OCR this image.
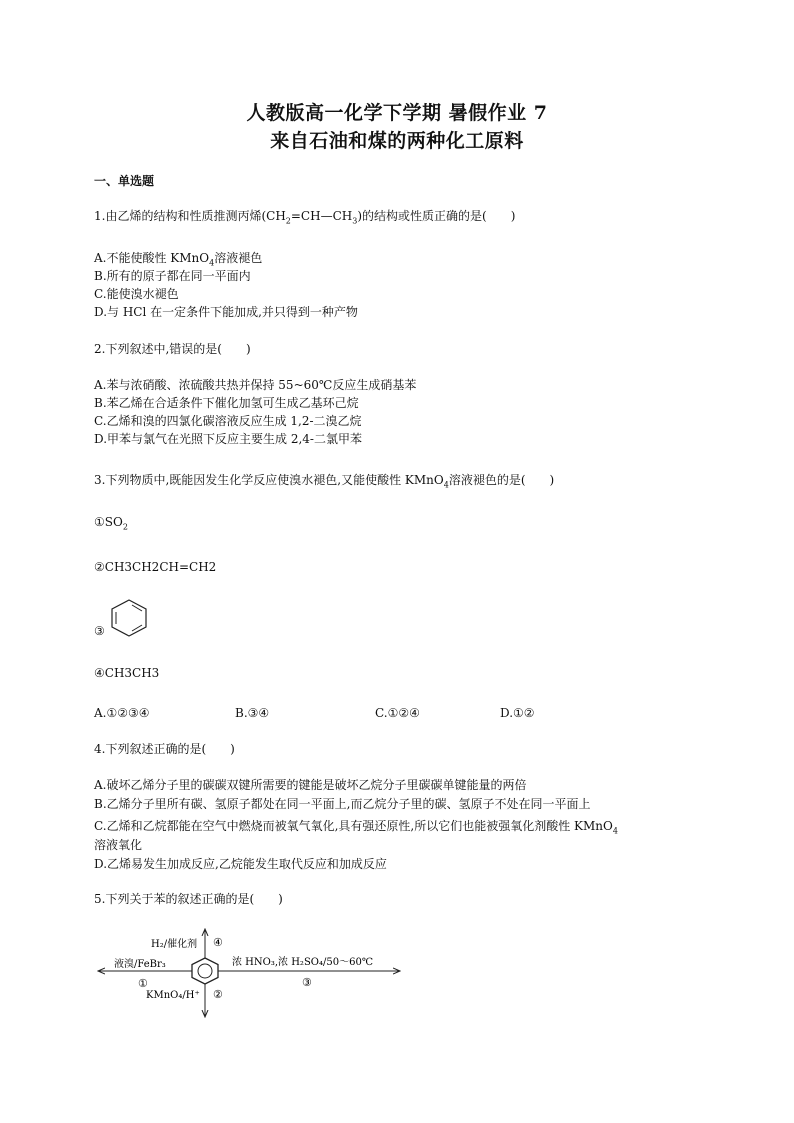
人教版高一化学下学期 暑假作业 7
来自石油和煤的两种化工原料
一、单选题
1.由乙烯的结构和性质推测丙烯$(CH_2=CH—CH_3)$的结构或性质正确的是(　　)
A.不能使酸性 KMnO$_4$溶液褪色
B.所有的原子都在同一平面内
C.能使溴水褪色
D.与 HCl 在一定条件下能加成,并只得到一种产物
2.下列叙述中,错误的是(　　)
A.苯与浓硝酸、浓硫酸共热并保持 55~60℃反应生成硝基苯
B.苯乙烯在合适条件下催化加氢可生成乙基环己烷
C.乙烯和溴的四氯化碳溶液反应生成 1,2-二溴乙烷
D.甲苯与氯气在光照下反应主要生成 2,4-二氯甲苯
3.下列物质中,既能因发生化学反应使溴水褪色,又能使酸性 KMnO$_4$溶液褪色的是(　　)
$①SO_2$
②CH3CH2CH=CH2
③
④CH3CH3
A.①②③④	B.③④	C.①②④	D.①②
4.下列叙述正确的是(　　)
A.破坏乙烯分子里的碳碳双键所需要的键能是破坏乙烷分子里碳碳单键能量的两倍
B.乙烯分子里所有碳、氢原子都处在同一平面上,而乙烷分子里的碳、氢原子不处在同一平面上
C.乙烯和乙烷都能在空气中燃烧而被氧气氧化,具有强还原性,所以它们也能被强氧化剂酸性 KMnO$_4$
溶液氧化
D.乙烯易发生加成反应,乙烷能发生取代反应和加成反应
5.下列关于苯的叙述正确的是(　　)
H₂/催化剂 ④
液溴/FeBr₃
①
浓 HNO₃,浓 H₂SO₄/50～60℃
③
KMnO₄/H⁺ ②
